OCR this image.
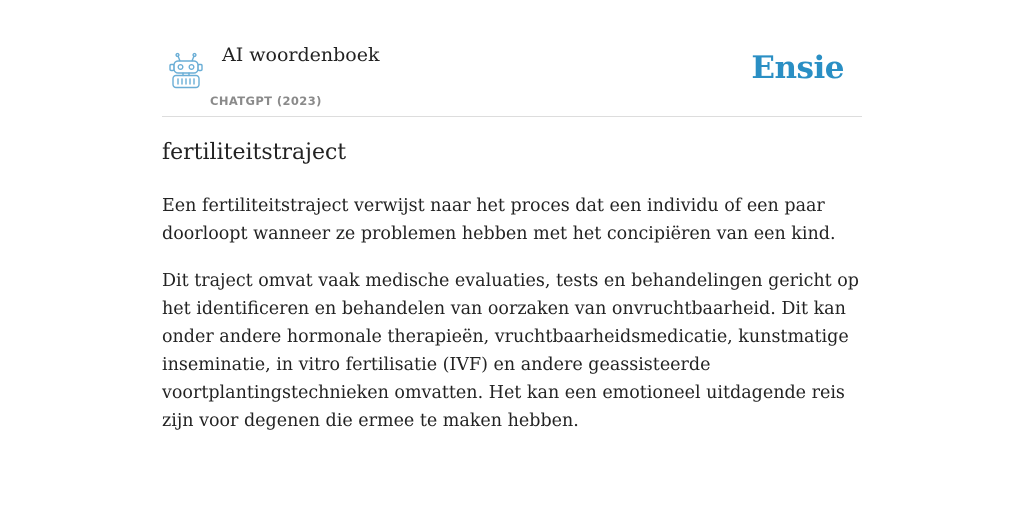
AI woordenboek
CHATGPT (2023)
Ensie
fertiliteitstraject

Een fertiliteitstraject verwijst naar het proces dat een individu of een paar doorloopt wanneer ze problemen hebben met het concipiëren van een kind.

Dit traject omvat vaak medische evaluaties, tests en behandelingen gericht op het identificeren en behandelen van oorzaken van onvruchtbaarheid. Dit kan onder andere hormonale therapieën, vruchtbaarheidsmedicatie, kunstmatige inseminatie, in vitro fertilisatie (IVF) en andere geassisteerde voortplantingstechnieken omvatten. Het kan een emotioneel uitdagende reis zijn voor degenen die ermee te maken hebben.
